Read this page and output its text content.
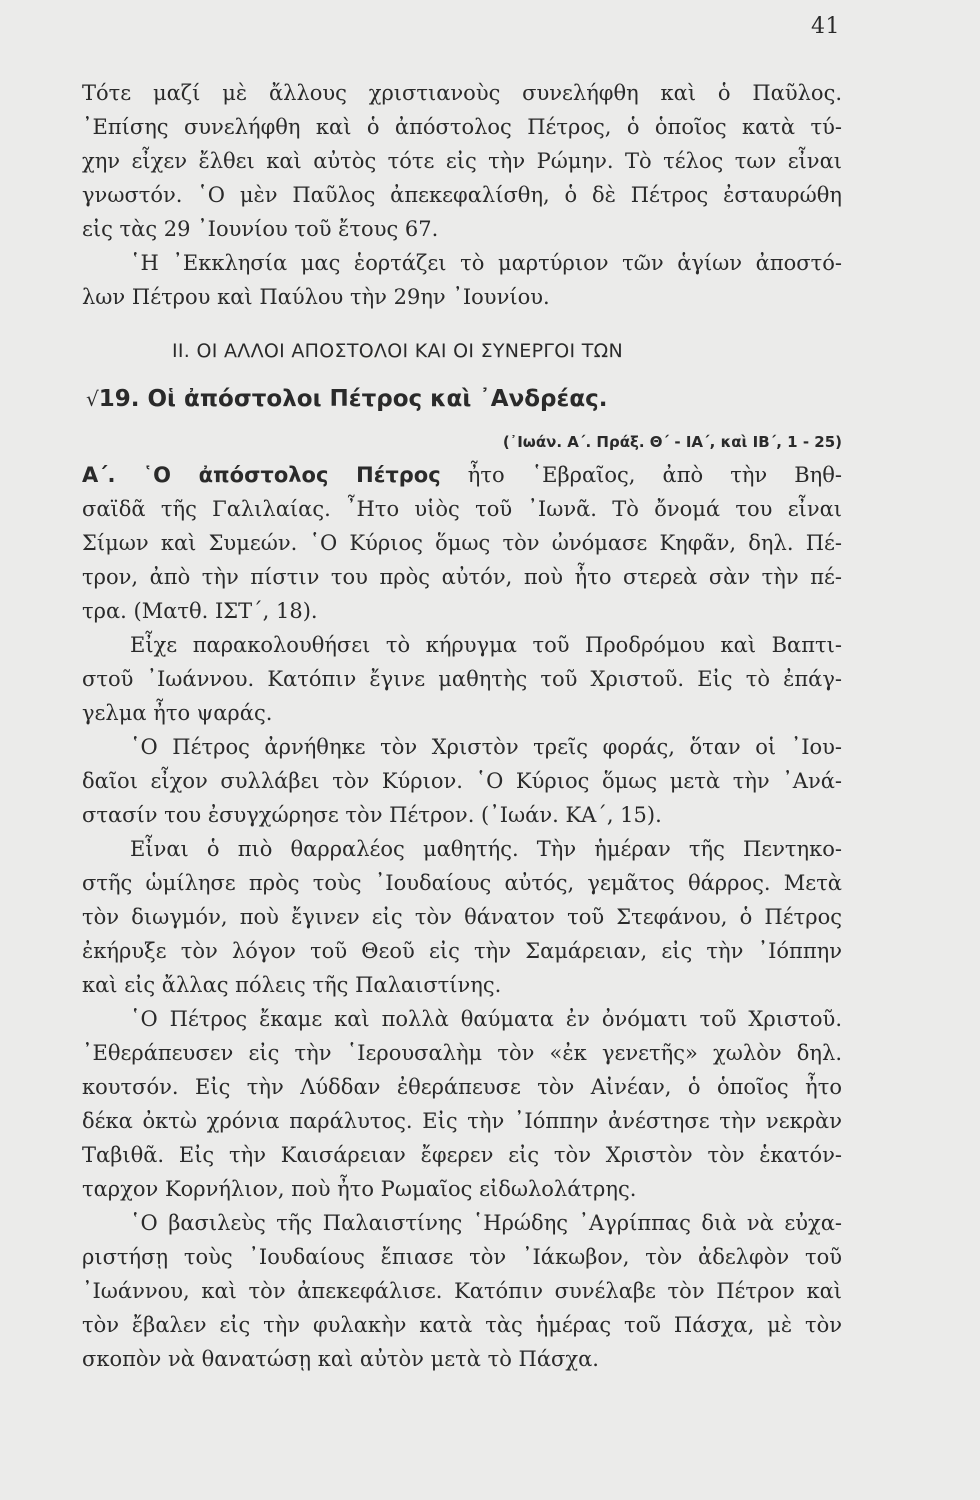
41
Τότε μαζί μὲ ἄλλους χριστιανοὺς συνελήφθη καὶ ὁ Παῦλος.
᾿Επίσης συνελήφθη καὶ ὁ ἀπόστολος Πέτρος, ὁ ὁποῖος κατὰ τύ-
χην εἶχεν ἔλθει καὶ αὐτὸς τότε εἰς τὴν Ρώμην. Τὸ τέλος των εἶναι
γνωστόν. ῾Ο μὲν Παῦλος ἀπεκεφαλίσθη, ὁ δὲ Πέτρος ἐσταυρώθη
εἰς τὰς 29 ᾿Ιουνίου τοῦ ἔτους 67.
῾Η ᾿Εκκλησία μας ἑορτάζει τὸ μαρτύριον τῶν ἁγίων ἀποστό-
λων Πέτρου καὶ Παύλου τὴν 29ην ᾿Ιουνίου.
II. ΟΙ ΑΛΛΟΙ ΑΠΟΣΤΟΛΟΙ ΚΑΙ ΟΙ ΣΥΝΕΡΓΟΙ ΤΩΝ
√19. Οἱ ἀπόστολοι Πέτρος καὶ ᾿Ανδρέας.
(᾿Ιωάν. Α΄. Πράξ. Θ΄ - ΙΑ΄, καὶ ΙΒ΄, 1 - 25)
Α΄. ῾Ο ἀπόστολος Πέτρος ἦτο ῾Εβραῖος, ἀπὸ τὴν Βηθ-
σαϊδᾶ τῆς Γαλιλαίας. ῏Ητο υἱὸς τοῦ ᾿Ιωνᾶ. Τὸ ὄνομά του εἶναι
Σίμων καὶ Συμεών. ῾Ο Κύριος ὅμως τὸν ὠνόμασε Κηφᾶν, δηλ. Πέ-
τρον, ἀπὸ τὴν πίστιν του πρὸς αὐτόν, ποὺ ἦτο στερεὰ σὰν τὴν πέ-
τρα. (Ματθ. ΙΣΤ΄, 18).
Εἶχε παρακολουθήσει τὸ κήρυγμα τοῦ Προδρόμου καὶ Βαπτι-
στοῦ ᾿Ιωάννου. Κατόπιν ἔγινε μαθητὴς τοῦ Χριστοῦ. Εἰς τὸ ἐπάγ-
γελμα ἦτο ψαράς.
῾Ο Πέτρος ἀρνήθηκε τὸν Χριστὸν τρεῖς φοράς, ὅταν οἱ ᾿Ιου-
δαῖοι εἶχον συλλάβει τὸν Κύριον. ῾Ο Κύριος ὅμως μετὰ τὴν ᾿Ανά-
στασίν του ἐσυγχώρησε τὸν Πέτρον. (᾿Ιωάν. ΚΑ΄, 15).
Εἶναι ὁ πιὸ θαρραλέος μαθητής. Τὴν ἡμέραν τῆς Πεντηκο-
στῆς ὡμίλησε πρὸς τοὺς ᾿Ιουδαίους αὐτός, γεμᾶτος θάρρος. Μετὰ
τὸν διωγμόν, ποὺ ἔγινεν εἰς τὸν θάνατον τοῦ Στεφάνου, ὁ Πέτρος
ἐκήρυξε τὸν λόγον τοῦ Θεοῦ εἰς τὴν Σαμάρειαν, εἰς τὴν ᾿Ιόππην
καὶ εἰς ἄλλας πόλεις τῆς Παλαιστίνης.
῾Ο Πέτρος ἔκαμε καὶ πολλὰ θαύματα ἐν ὀνόματι τοῦ Χριστοῦ.
᾿Εθεράπευσεν εἰς τὴν ῾Ιερουσαλὴμ τὸν «ἐκ γενετῆς» χωλὸν δηλ.
κουτσόν. Εἰς τὴν Λύδδαν ἐθεράπευσε τὸν Αἰνέαν, ὁ ὁποῖος ἦτο
δέκα ὀκτὼ χρόνια παράλυτος. Εἰς τὴν ᾿Ιόππην ἀνέστησε τὴν νεκρὰν
Ταβιθᾶ. Εἰς τὴν Καισάρειαν ἔφερεν εἰς τὸν Χριστὸν τὸν ἑκατόν-
ταρχον Κορνήλιον, ποὺ ἦτο Ρωμαῖος εἰδωλολάτρης.
῾Ο βασιλεὺς τῆς Παλαιστίνης ῾Ηρώδης ᾿Αγρίππας διὰ νὰ εὐχα-
ριστήσῃ τοὺς ᾿Ιουδαίους ἔπιασε τὸν ᾿Ιάκωβον, τὸν ἀδελφὸν τοῦ
᾿Ιωάννου, καὶ τὸν ἀπεκεφάλισε. Κατόπιν συνέλαβε τὸν Πέτρον καὶ
τὸν ἔβαλεν εἰς τὴν φυλακὴν κατὰ τὰς ἡμέρας τοῦ Πάσχα, μὲ τὸν
σκοπὸν νὰ θανατώσῃ καὶ αὐτὸν μετὰ τὸ Πάσχα.
